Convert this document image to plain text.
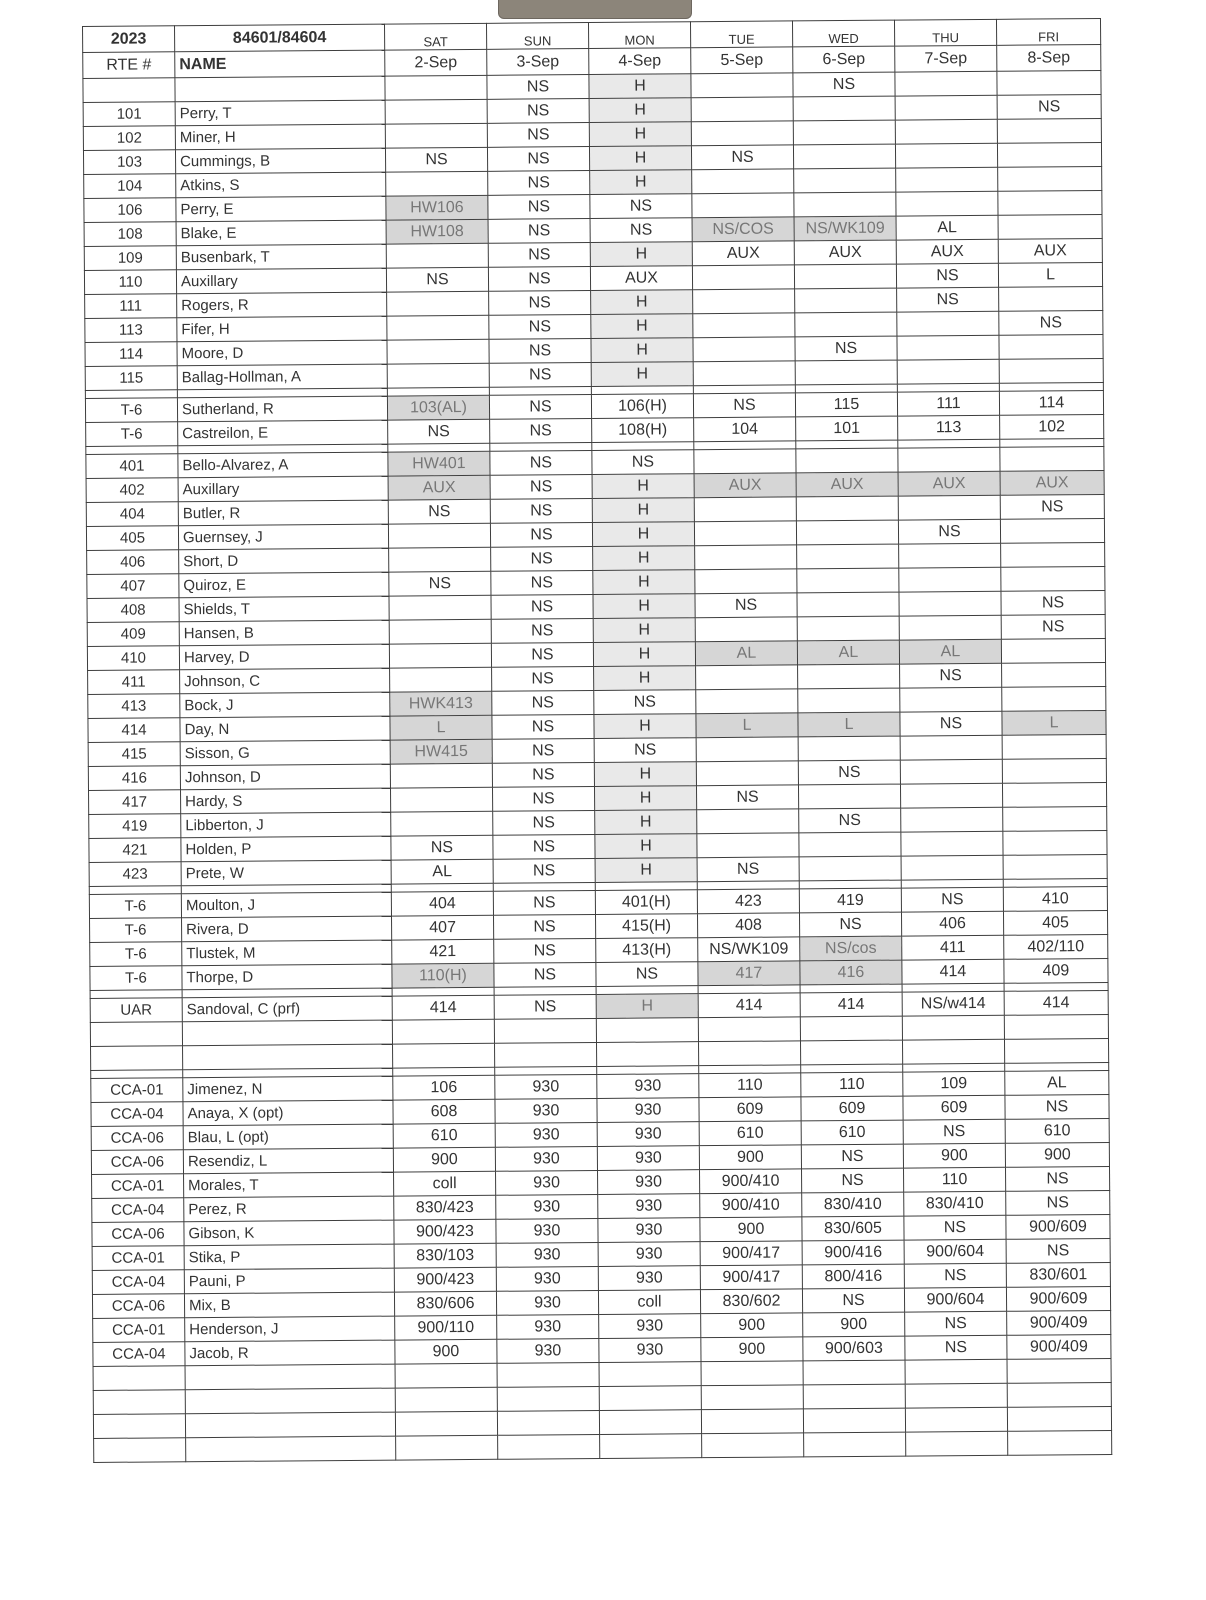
2023	84601/84604	SAT	SUN	MON	TUE	WED	THU	FRI
RTE #	NAME	2-Sep	3-Sep	4-Sep	5-Sep	6-Sep	7-Sep	8-Sep
			NS	H		NS		
101	Perry, T		NS	H				NS
102	Miner, H		NS	H				
103	Cummings, B	NS	NS	H	NS			
104	Atkins, S		NS	H				
106	Perry, E	HW106	NS	NS				
108	Blake, E	HW108	NS	NS	NS/COS	NS/WK109	AL	
109	Busenbark, T		NS	H	AUX	AUX	AUX	AUX
110	Auxillary	NS	NS	AUX			NS	L
111	Rogers, R		NS	H			NS	
113	Fifer, H		NS	H				NS
114	Moore, D		NS	H		NS		
115	Ballag-Hollman, A		NS	H				

T-6	Sutherland, R	103(AL)	NS	106(H)	NS	115	111	114
T-6	Castreilon, E	NS	NS	108(H)	104	101	113	102

401	Bello-Alvarez, A	HW401	NS	NS				
402	Auxillary	AUX	NS	H	AUX	AUX	AUX	AUX
404	Butler, R	NS	NS	H				NS
405	Guernsey, J		NS	H			NS	
406	Short, D		NS	H				
407	Quiroz, E	NS	NS	H				
408	Shields, T		NS	H	NS			NS
409	Hansen, B		NS	H				NS
410	Harvey, D		NS	H	AL	AL	AL	
411	Johnson, C		NS	H			NS	
413	Bock, J	HWK413	NS	NS				
414	Day, N	L	NS	H	L	L	NS	L
415	Sisson, G	HW415	NS	NS				
416	Johnson, D		NS	H		NS		
417	Hardy, S		NS	H	NS			
419	Libberton, J		NS	H		NS		
421	Holden, P	NS	NS	H				
423	Prete, W	AL	NS	H	NS			

T-6	Moulton, J	404	NS	401(H)	423	419	NS	410
T-6	Rivera, D	407	NS	415(H)	408	NS	406	405
T-6	Tlustek, M	421	NS	413(H)	NS/WK109	NS/cos	411	402/110
T-6	Thorpe, D	110(H)	NS	NS	417	416	414	409

UAR	Sandoval, C (prf)	414	NS	H	414	414	NS/w414	414

CCA-01	Jimenez, N	106	930	930	110	110	109	AL
CCA-04	Anaya, X (opt)	608	930	930	609	609	609	NS
CCA-06	Blau, L (opt)	610	930	930	610	610	NS	610
CCA-06	Resendiz, L	900	930	930	900	NS	900	900
CCA-01	Morales, T	coll	930	930	900/410	NS	110	NS
CCA-04	Perez, R	830/423	930	930	900/410	830/410	830/410	NS
CCA-06	Gibson, K	900/423	930	930	900	830/605	NS	900/609
CCA-01	Stika, P	830/103	930	930	900/417	900/416	900/604	NS
CCA-04	Pauni, P	900/423	930	930	900/417	800/416	NS	830/601
CCA-06	Mix, B	830/606	930	coll	830/602	NS	900/604	900/609
CCA-01	Henderson, J	900/110	930	930	900	900	NS	900/409
CCA-04	Jacob, R	900	930	930	900	900/603	NS	900/409
